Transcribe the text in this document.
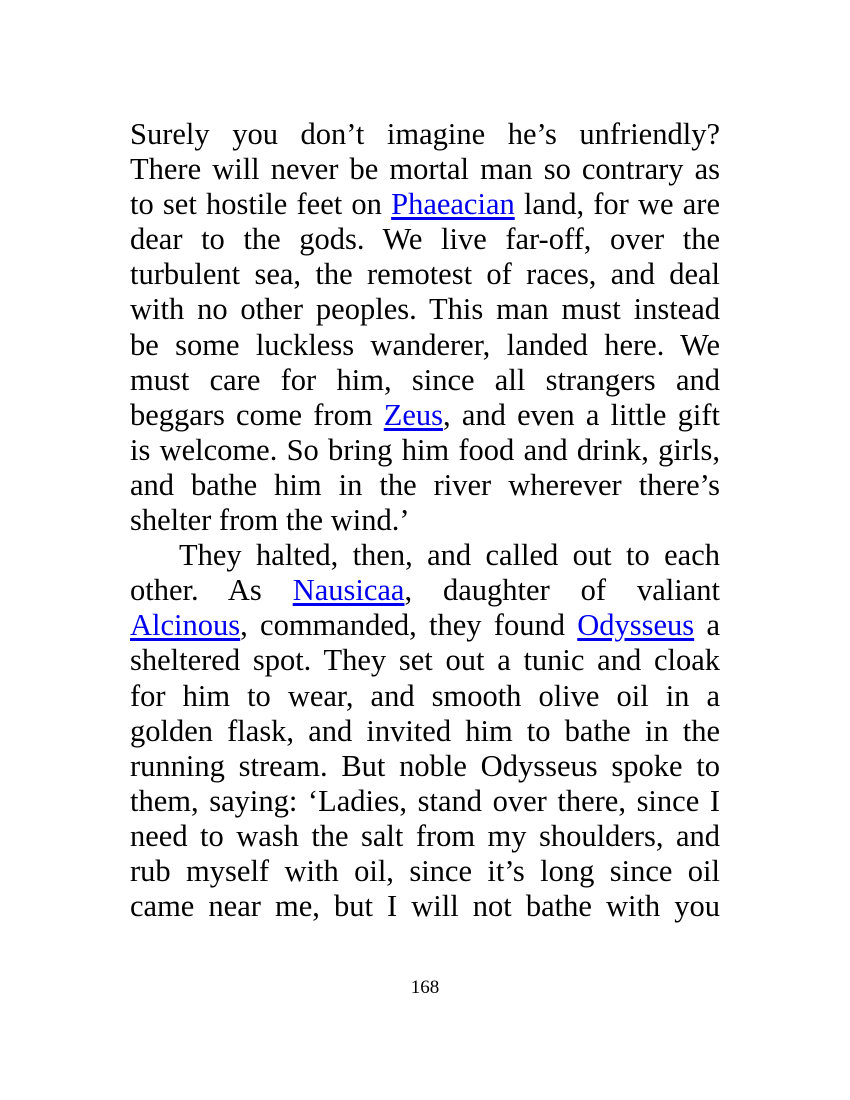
Surely you don’t imagine he’s unfriendly?

There will never be mortal man so contrary as

to set hostile feet on Phaeacian land, for we are

dear to the gods. We live far-off, over the

turbulent sea, the remotest of races, and deal

with no other peoples. This man must instead

be some luckless wanderer, landed here. We

must care for him, since all strangers and

beggars come from Zeus, and even a little gift

is welcome. So bring him food and drink, girls,

and bathe him in the river wherever there’s

shelter from the wind.’

They halted, then, and called out to each

other. As Nausicaa, daughter of valiant

Alcinous, commanded, they found Odysseus a

sheltered spot. They set out a tunic and cloak

for him to wear, and smooth olive oil in a

golden flask, and invited him to bathe in the

running stream. But noble Odysseus spoke to

them, saying: ‘Ladies, stand over there, since I

need to wash the salt from my shoulders, and

rub myself with oil, since it’s long since oil

came near me, but I will not bathe with you

168
